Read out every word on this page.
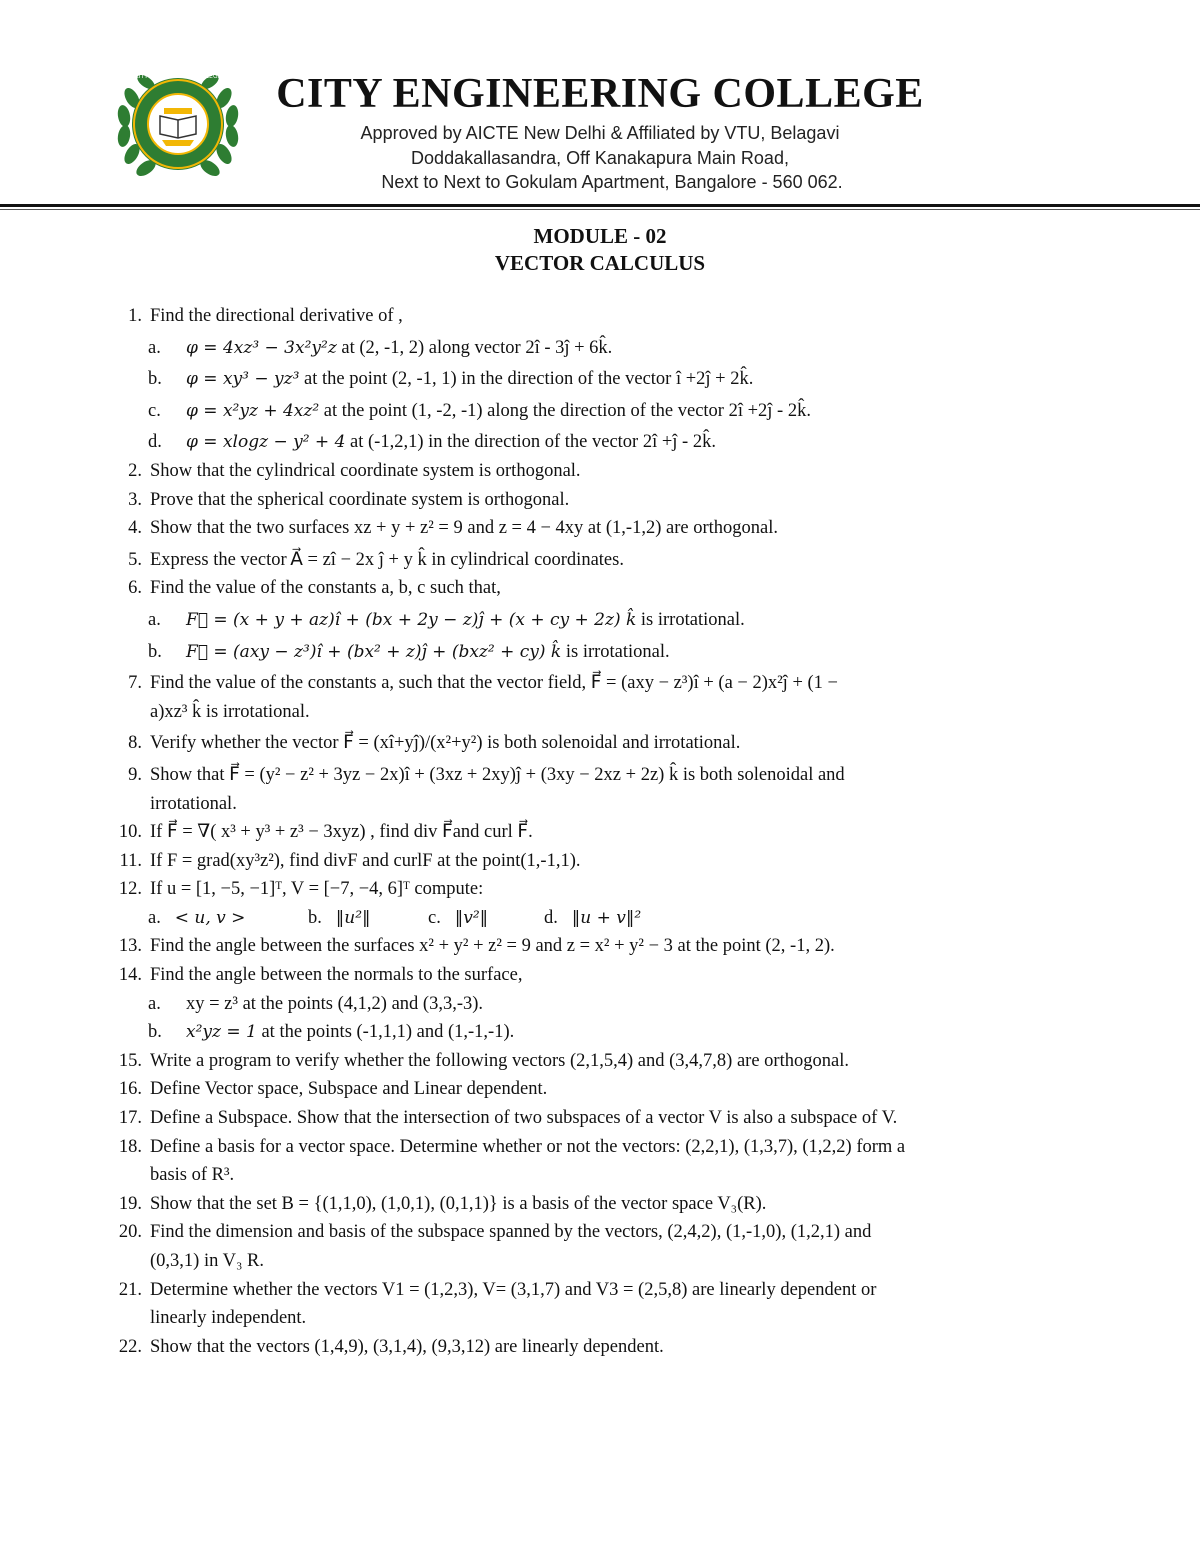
CITY ENGINEERING COLLEGE
BANGALORE
CITY ENGINEERING COLLEGE
Approved by AICTE New Delhi & Affiliated by VTU, Belagavi
Doddakallasandra, Off Kanakapura Main Road,
Next to Next to Gokulam Apartment, Bangalore - 560 062.
MODULE - 02
VECTOR CALCULUS
1. Find the directional derivative of ,
a. φ = 4xz³ − 3x²y²z at (2, -1, 2) along vector 2î - 3ĵ + 6k̂.
b. φ = xy³ − yz³ at the point (2, -1, 1) in the direction of the vector î +2ĵ + 2k̂.
c. φ = x²yz + 4xz² at the point (1, -2, -1) along the direction of the vector 2î +2ĵ - 2k̂.
d. φ = xlogz − y² + 4 at (-1,2,1) in the direction of the vector 2î +ĵ - 2k̂.
2. Show that the cylindrical coordinate system is orthogonal.
3. Prove that the spherical coordinate system is orthogonal.
4. Show that the two surfaces xz + y + z² = 9 and z = 4 − 4xy at (1,-1,2) are orthogonal.
5. Express the vector A⃗ = zî − 2x ĵ + y k̂ in cylindrical coordinates.
6. Find the value of the constants a, b, c such that,
a. F⃗ = (x + y + az)î + (bx + 2y − z)ĵ + (x + cy + 2z) k̂ is irrotational.
b. F⃗ = (axy − z³)î + (bx² + z)ĵ + (bxz² + cy) k̂ is irrotational.
7. Find the value of the constants a, such that the vector field, F⃗ = (axy − z³)î + (a − 2)x²ĵ + (1 −
a)xz³ k̂ is irrotational.
8. Verify whether the vector F⃗ = (xî+yĵ)/(x²+y²) is both solenoidal and irrotational.
9. Show that F⃗ = (y² − z² + 3yz − 2x)î + (3xz + 2xy)ĵ + (3xy − 2xz + 2z) k̂ is both solenoidal and
irrotational.
10. If F⃗ = ∇( x³ + y³ + z³ − 3xyz) , find div F⃗and curl F⃗.
11. If F = grad(xy³z²), find divF and curlF at the point(1,-1,1).
12. If u = [1, −5, −1]ᵀ, V = [−7, −4, 6]ᵀ compute:
a. < u, v >	b. ‖u²‖	c. ‖v²‖	d. ‖u + v‖²
13. Find the angle between the surfaces x² + y² + z² = 9 and z = x² + y² − 3 at the point (2, -1, 2).
14. Find the angle between the normals to the surface,
a. xy = z³ at the points (4,1,2) and (3,3,-3).
b. x²yz = 1 at the points (-1,1,1) and (1,-1,-1).
15. Write a program to verify whether the following vectors (2,1,5,4) and (3,4,7,8) are orthogonal.
16. Define Vector space, Subspace and Linear dependent.
17. Define a Subspace. Show that the intersection of two subspaces of a vector V is also a subspace of V.
18. Define a basis for a vector space. Determine whether or not the vectors: (2,2,1), (1,3,7), (1,2,2) form a
basis of R³.
19. Show that the set B = {(1,1,0), (1,0,1), (0,1,1)} is a basis of the vector space V₃(R).
20. Find the dimension and basis of the subspace spanned by the vectors, (2,4,2), (1,-1,0), (1,2,1) and
(0,3,1) in V₃ R.
21. Determine whether the vectors V1 = (1,2,3), V= (3,1,7) and V3 = (2,5,8) are linearly dependent or
linearly independent.
22. Show that the vectors (1,4,9), (3,1,4), (9,3,12) are linearly dependent.
